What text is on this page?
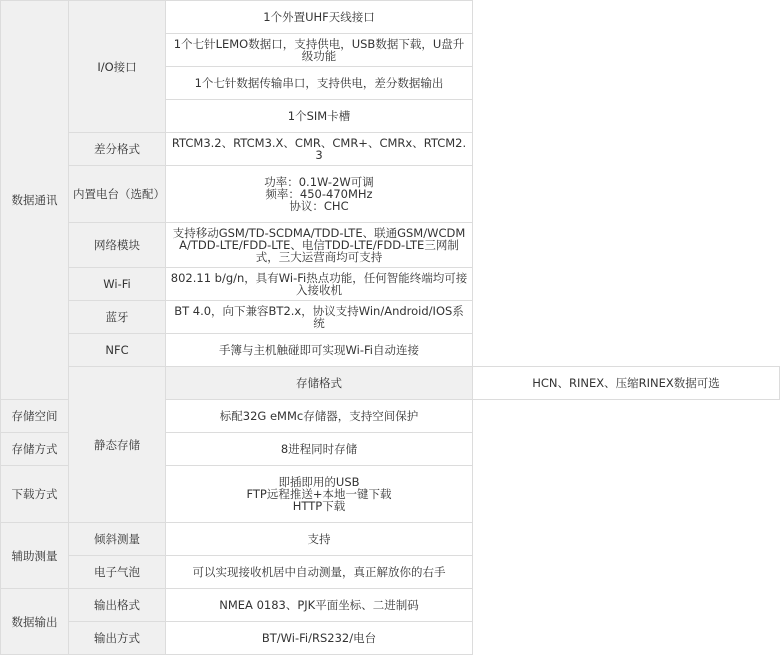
数据通讯	I/O接口	1个外置UHF天线接口	
		1个七针LEMO数据口，支持供电，USB数据下载，U盘升级功能	
		1个七针数据传输串口，支持供电，差分数据输出	
		1个SIM卡槽	
	差分格式	RTCM3.2、RTCM3.X、CMR、CMR+、CMRx、RTCM2.3	
	内置电台（选配）	功率：0.1W-2W可调
频率：450-470MHz
协议：CHC	

	网络模块	支持移动GSM/TD-SCDMA/TDD-LTE、联通GSM/WCDMA/TDD-LTE/FDD-LTE、电信TDD-LTE/FDD-LTE三网制式，三大运营商均可支持	
	Wi-Fi	802.11 b/g/n，具有Wi-Fi热点功能，任何智能终端均可接入接收机	
	蓝牙	BT 4.0，向下兼容BT2.x，协议支持Win/Android/IOS系统	
	NFC	手簿与主机触碰即可实现Wi-Fi自动连接	
	静态存储	存储格式	HCN、RINEX、压缩RINEX数据可选
存储空间		标配32G eMMc存储器，支持空间保护	
存储方式		8进程同时存储	
下载方式		即插即用的USB
FTP远程推送+本地一键下载
HTTP下载	

辅助测量	倾斜测量	支持	
	电子气泡	可以实现接收机居中自动测量，真正解放你的右手	
数据输出	输出格式	NMEA 0183、PJK平面坐标、二进制码	
	输出方式	BT/Wi-Fi/RS232/电台	
